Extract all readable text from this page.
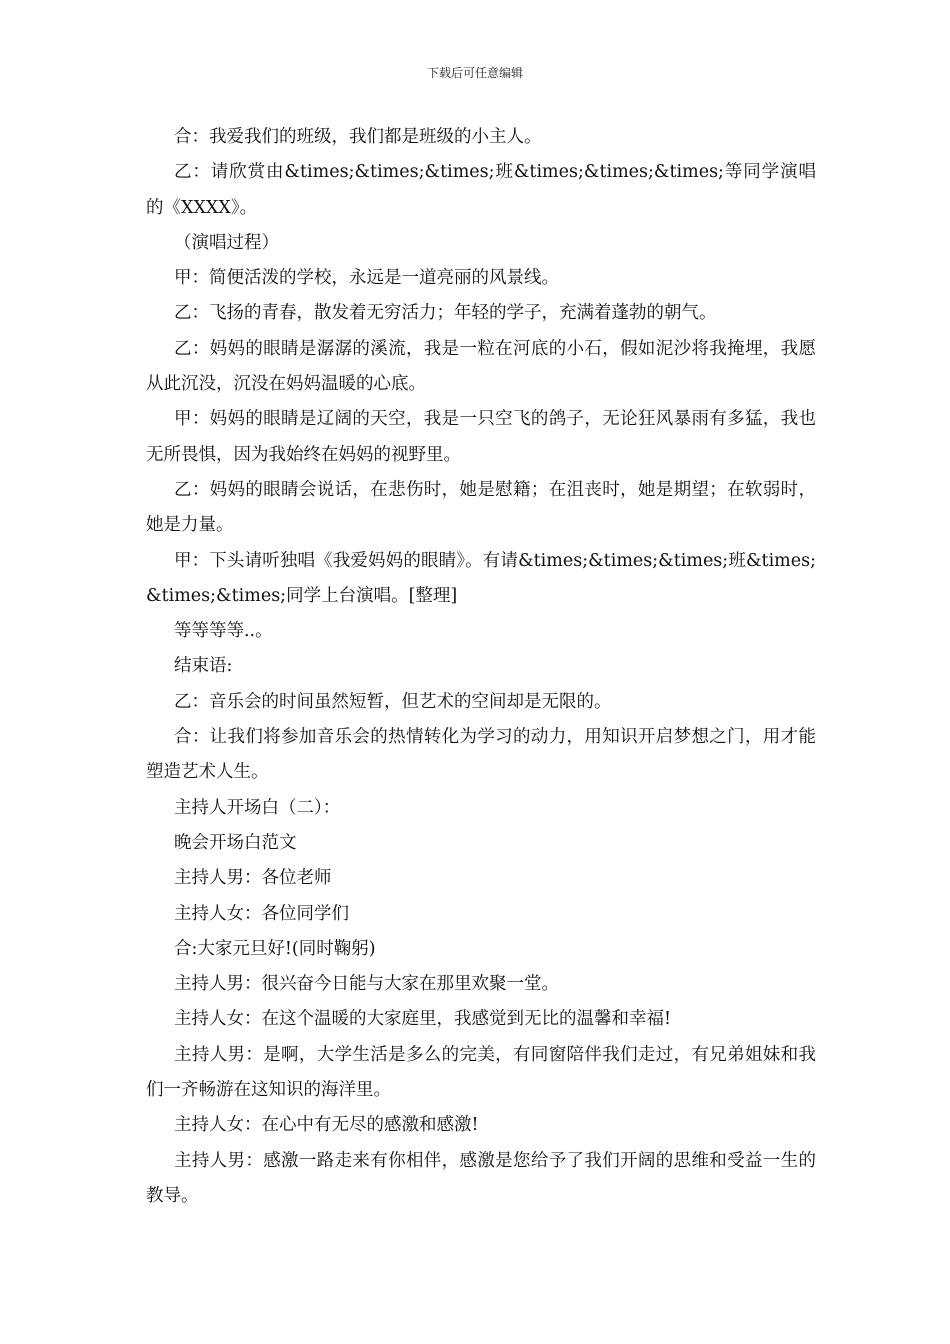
下载后可任意编辑

合：我爱我们的班级，我们都是班级的小主人。

乙：请欣赏由&times;&times;&times;班&times;&times;&times;等同学演唱的《XXXX》。

（演唱过程）

甲：简便活泼的学校，永远是一道亮丽的风景线。

乙：飞扬的青春，散发着无穷活力；年轻的学子，充满着蓬勃的朝气。

乙：妈妈的眼睛是潺潺的溪流，我是一粒在河底的小石，假如泥沙将我掩埋，我愿从此沉没，沉没在妈妈温暖的心底。

甲：妈妈的眼睛是辽阔的天空，我是一只空飞的鸽子，无论狂风暴雨有多猛，我也无所畏惧，因为我始终在妈妈的视野里。

乙：妈妈的眼睛会说话，在悲伤时，她是慰籍；在沮丧时，她是期望；在软弱时，她是力量。

甲：下头请听独唱《我爱妈妈的眼睛》。有请&times;&times;&times;班&times;&times;&times;同学上台演唱。[整理]

等等等等..。

结束语:

乙：音乐会的时间虽然短暂，但艺术的空间却是无限的。

合：让我们将参加音乐会的热情转化为学习的动力，用知识开启梦想之门，用才能塑造艺术人生。

主持人开场白（二）：

晚会开场白范文

主持人男：各位老师

主持人女：各位同学们

合:大家元旦好!(同时鞠躬)

主持人男：很兴奋今日能与大家在那里欢聚一堂。

主持人女：在这个温暖的大家庭里，我感觉到无比的温馨和幸福!

主持人男：是啊，大学生活是多么的完美，有同窗陪伴我们走过，有兄弟姐妹和我们一齐畅游在这知识的海洋里。

主持人女：在心中有无尽的感激和感激!

主持人男：感激一路走来有你相伴，感激是您给予了我们开阔的思维和受益一生的教导。
